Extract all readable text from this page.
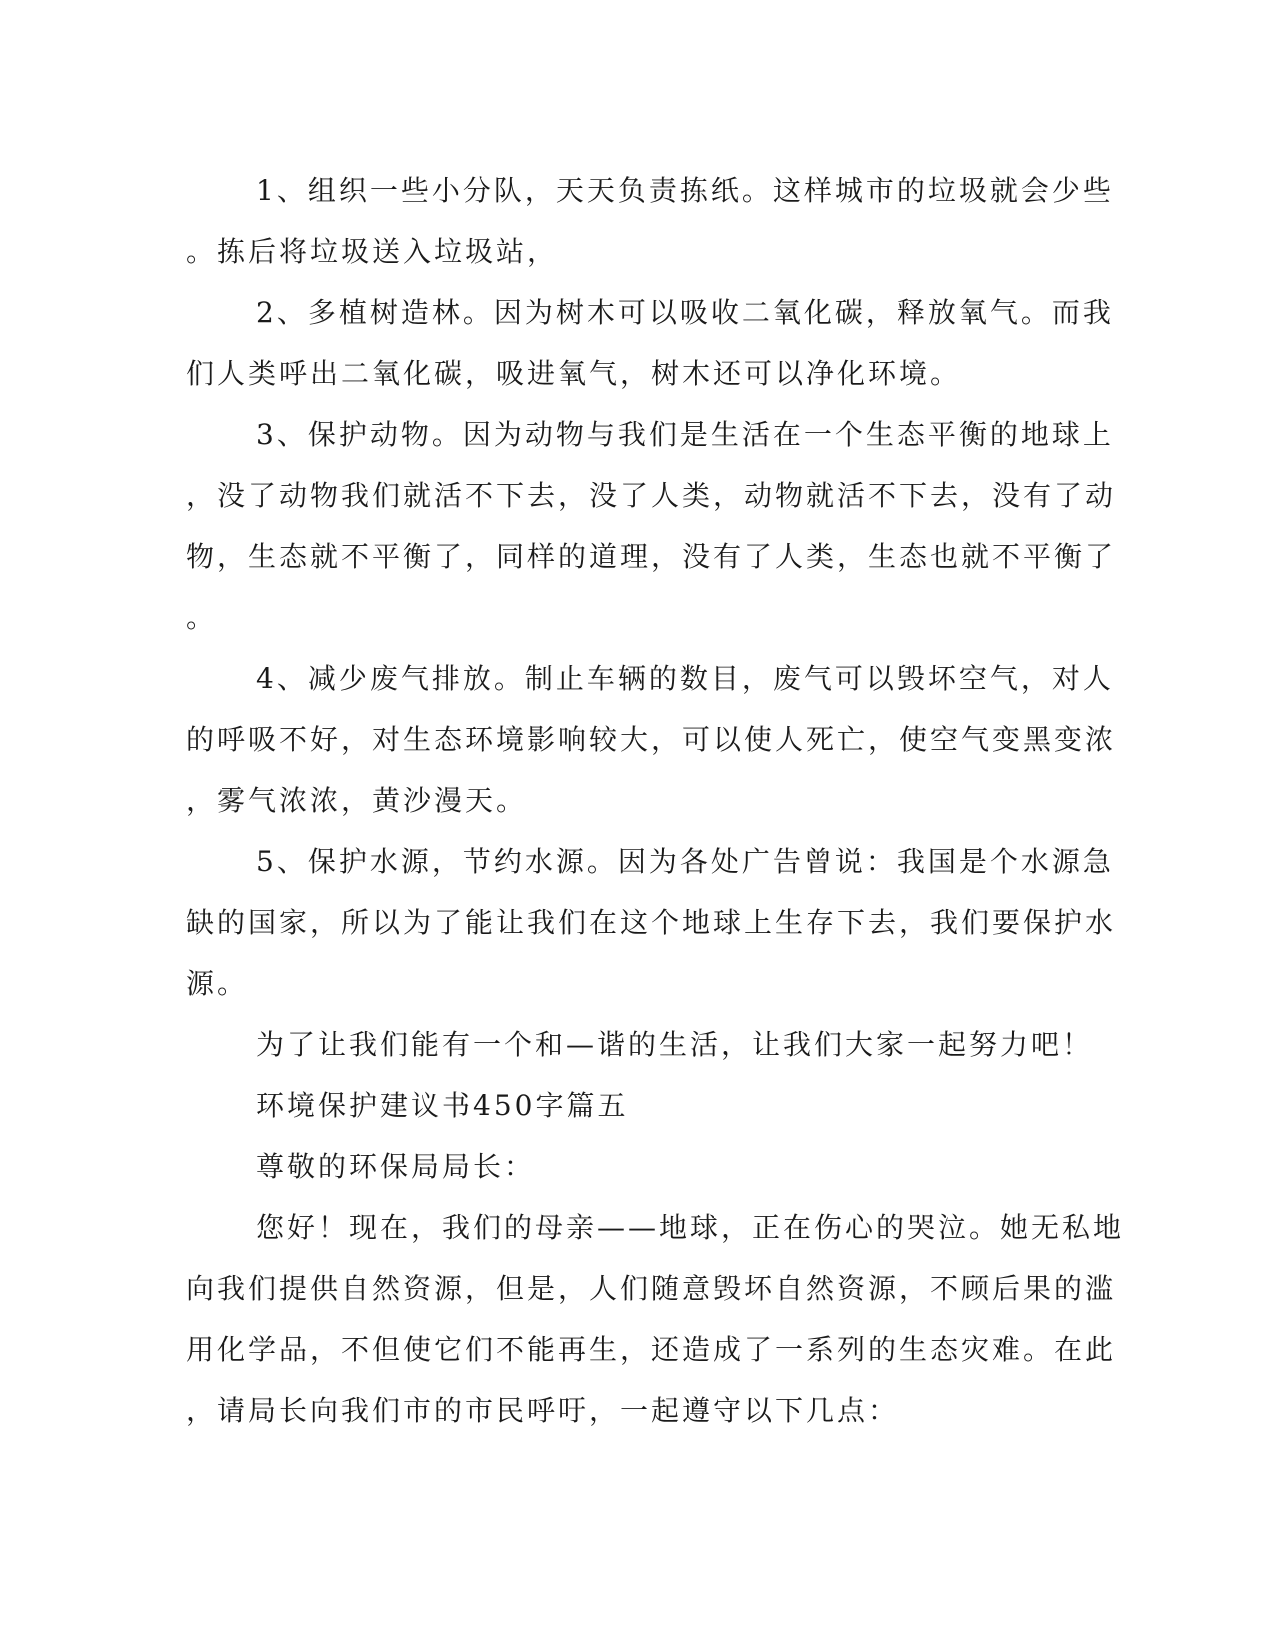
1、组织一些小分队，天天负责拣纸。这样城市的垃圾就会少些
。拣后将垃圾送入垃圾站，
2、多植树造林。因为树木可以吸收二氧化碳，释放氧气。而我
们人类呼出二氧化碳，吸进氧气，树木还可以净化环境。
3、保护动物。因为动物与我们是生活在一个生态平衡的地球上
，没了动物我们就活不下去，没了人类，动物就活不下去，没有了动
物，生态就不平衡了，同样的道理，没有了人类，生态也就不平衡了
。
4、减少废气排放。制止车辆的数目，废气可以毁坏空气，对人
的呼吸不好，对生态环境影响较大，可以使人死亡，使空气变黑变浓
，雾气浓浓，黄沙漫天。
5、保护水源，节约水源。因为各处广告曾说：我国是个水源急
缺的国家，所以为了能让我们在这个地球上生存下去，我们要保护水
源。
为了让我们能有一个和—谐的生活，让我们大家一起努力吧！
环境保护建议书450字篇五
尊敬的环保局局长：
您好！现在，我们的母亲——地球，正在伤心的哭泣。她无私地
向我们提供自然资源，但是，人们随意毁坏自然资源，不顾后果的滥
用化学品，不但使它们不能再生，还造成了一系列的生态灾难。在此
，请局长向我们市的市民呼吁，一起遵守以下几点：
